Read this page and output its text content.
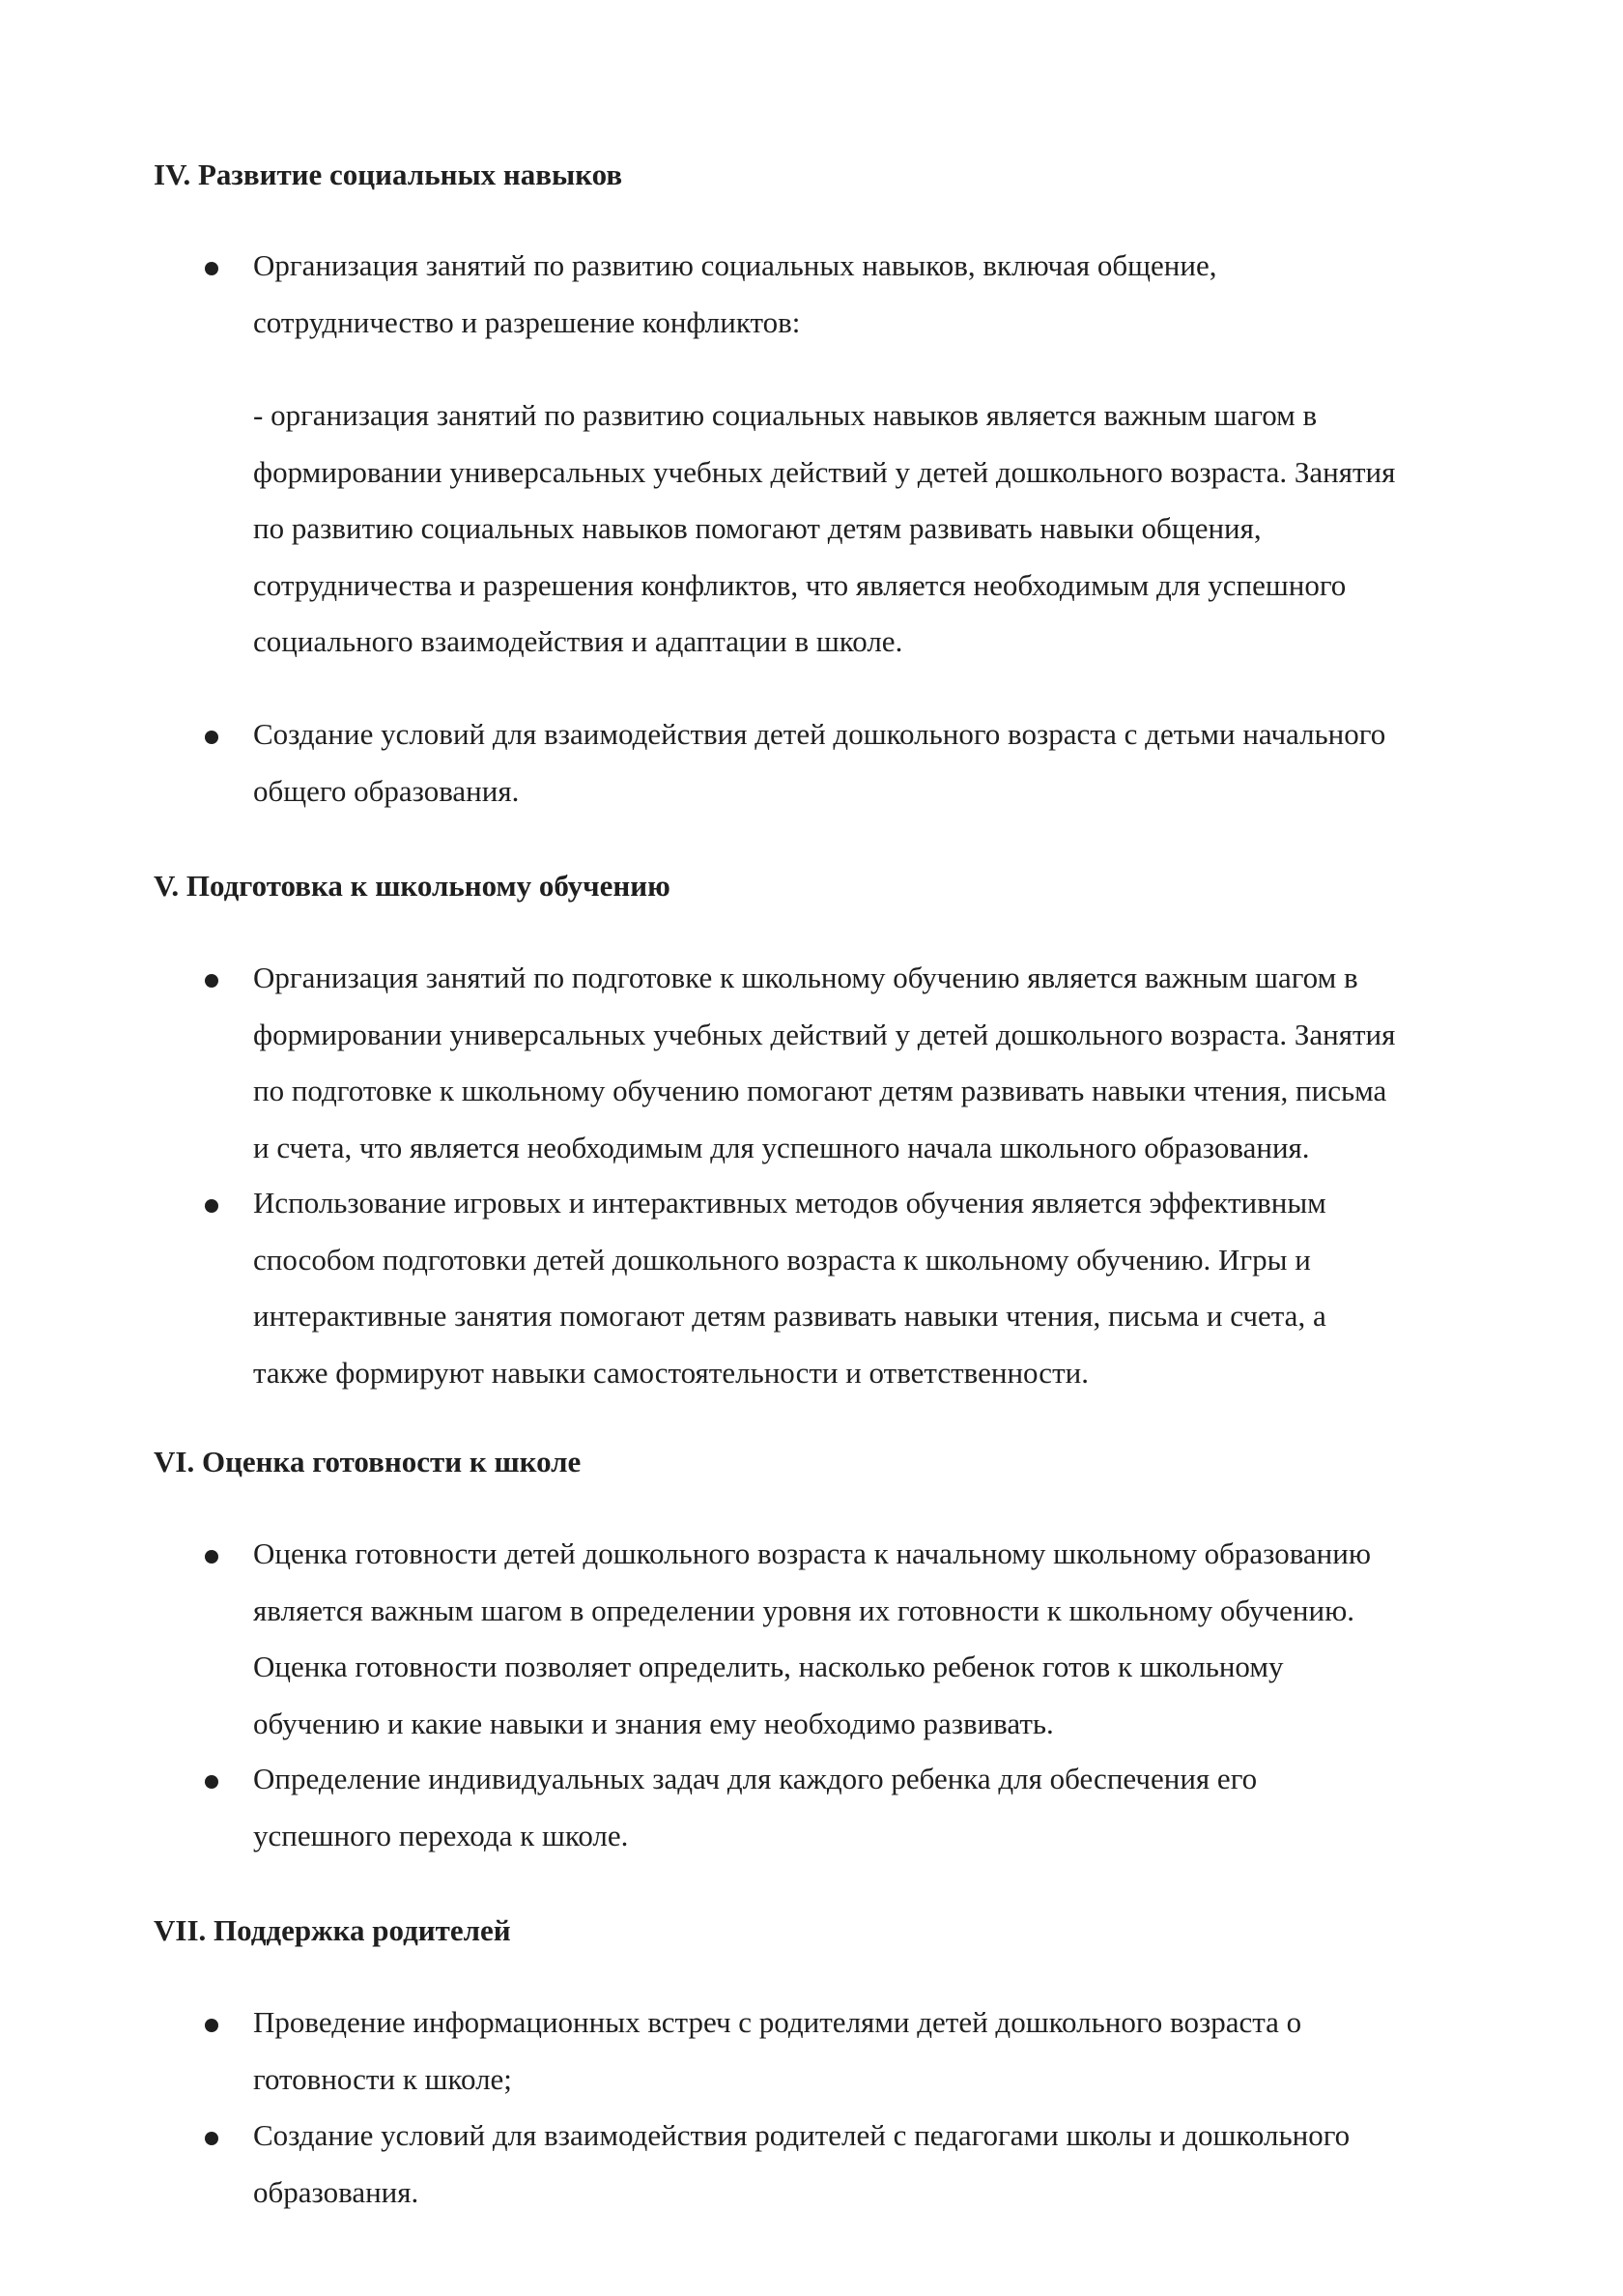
IV. Развитие социальных навыков

Организация занятий по развитию социальных навыков, включая общение,
сотрудничество и разрешение конфликтов:

- организация занятий по развитию социальных навыков является важным шагом в
формировании универсальных учебных действий у детей дошкольного возраста. Занятия
по развитию социальных навыков помогают детям развивать навыки общения,
сотрудничества и разрешения конфликтов, что является необходимым для успешного
социального взаимодействия и адаптации в школе.

Создание условий для взаимодействия детей дошкольного возраста с детьми начального
общего образования.

V. Подготовка к школьному обучению

Организация занятий по подготовке к школьному обучению является важным шагом в
формировании универсальных учебных действий у детей дошкольного возраста. Занятия
по подготовке к школьному обучению помогают детям развивать навыки чтения, письма
и счета, что является необходимым для успешного начала школьного образования.

Использование игровых и интерактивных методов обучения является эффективным
способом подготовки детей дошкольного возраста к школьному обучению. Игры и
интерактивные занятия помогают детям развивать навыки чтения, письма и счета, а
также формируют навыки самостоятельности и ответственности.

VI. Оценка готовности к школе

Оценка готовности детей дошкольного возраста к начальному школьному образованию
является важным шагом в определении уровня их готовности к школьному обучению.
Оценка готовности позволяет определить, насколько ребенок готов к школьному
обучению и какие навыки и знания ему необходимо развивать.

Определение индивидуальных задач для каждого ребенка для обеспечения его
успешного перехода к школе.

VII. Поддержка родителей

Проведение информационных встреч с родителями детей дошкольного возраста о
готовности к школе;

Создание условий для взаимодействия родителей с педагогами школы и дошкольного
образования.
